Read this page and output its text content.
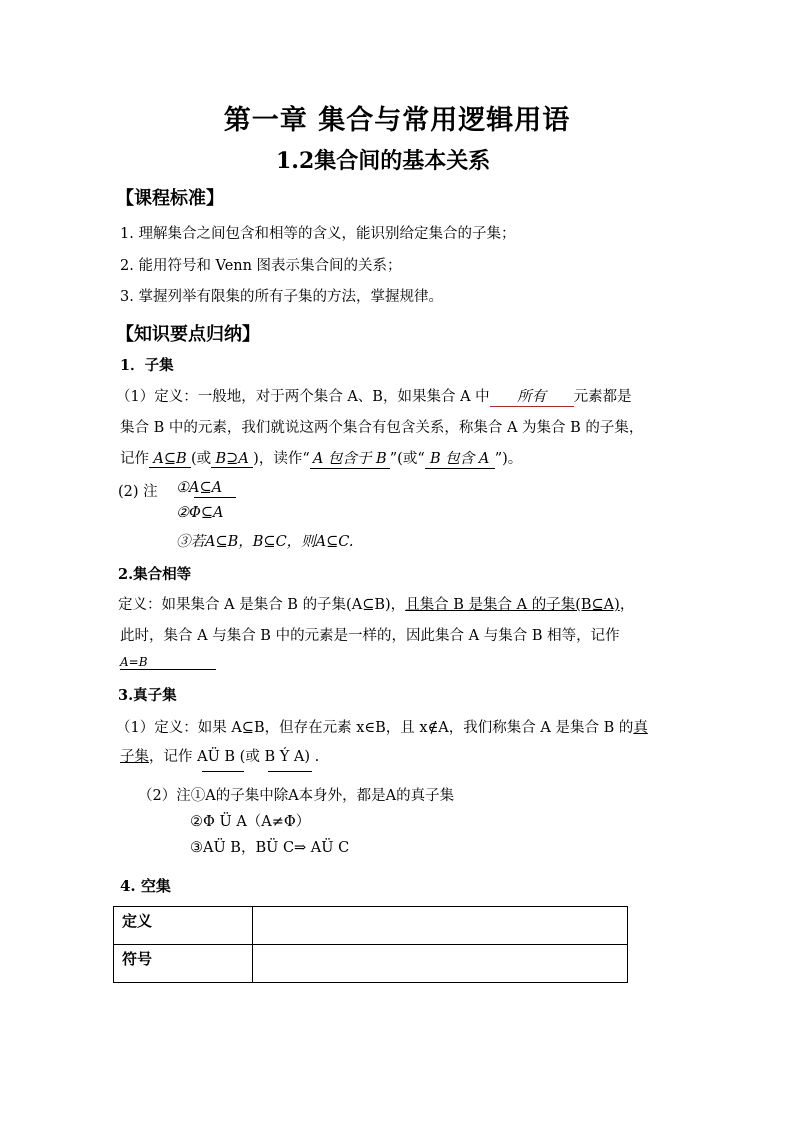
第一章 集合与常用逻辑用语
1.2集合间的基本关系
【课程标准】
1. 理解集合之间包含和相等的含义，能识别给定集合的子集；
2. 能用符号和 Venn 图表示集合间的关系；
3. 掌握列举有限集的所有子集的方法，掌握规律。
【知识要点归纳】
1．子集
（1）定义：一般地，对于两个集合 A、B，如果集合 A 中 所有 元素都是
集合 B 中的元素，我们就说这两个集合有包含关系，称集合 A 为集合 B 的子集，
记作 A⊆B (或 B⊇A )，读作“ A 包含于 B ”(或“ B 包含 A ”)。
(2) 注 ①A⊆A
②Φ⊆A
③若A⊆B，B⊆C，则A⊆C.
2.集合相等
定义：如果集合 A 是集合 B 的子集(A⊆B)，且集合 B 是集合 A 的子集(B⊆A)，
此时，集合 A 与集合 B 中的元素是一样的，因此集合 A 与集合 B 相等，记作
A=B
3.真子集
（1）定义：如果 A⊆B，但存在元素 x∈B，且 x∉A，我们称集合 A 是集合 B 的真
子集，记作 AÜ B (或 B Ý A) .
（2）注①A的子集中除A本身外，都是A的真子集
②Φ Ü A（A≠Φ）
③AÜ B，BÜ C⇒ AÜ C
4. 空集
定义	
符号	
